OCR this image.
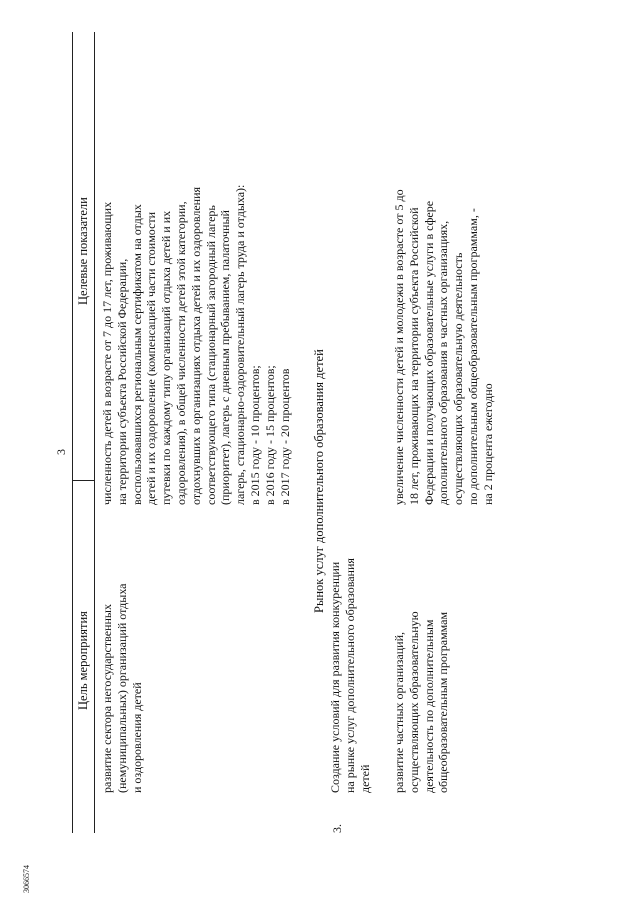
3066574
3
Цель мероприятия
Целевые показатели
развитие сектора негосударственных (немуниципальных) организаций отдыха и оздоровления детей
численность детей в возрасте от 7 до 17 лет, проживающих на территории субъекта Российской Федерации, воспользовавшихся региональным сертификатом на отдых детей и их оздоровление (компенсацией части стоимости путевки по каждому типу организаций отдыха детей и их оздоровления), в общей численности детей этой категории, отдохнувших в организациях отдыха детей и их оздоровления соответствующего типа (стационарный загородный лагерь (приоритет), лагерь с дневным пребыванием, палаточный лагерь, стационарно-оздоровительный лагерь труда и отдыха): в 2015 году - 10 процентов; в 2016 году - 15 процентов; в 2017 году - 20 процентов Рынок услуг дополнительного образования детей
3.
Создание условий для развития конкуренции на рынке услуг дополнительного образования детей развитие частных организаций, осуществляющих образовательную деятельность по дополнительным общеобразовательным программам
увеличение численности детей и молодежи в возрасте от 5 до 18 лет, проживающих на территории субъекта Российской Федерации и получающих образовательные услуги в сфере дополнительного образования в частных организациях, осуществляющих образовательную деятельность по дополнительным общеобразовательным программам, - на 2 процента ежегодно
